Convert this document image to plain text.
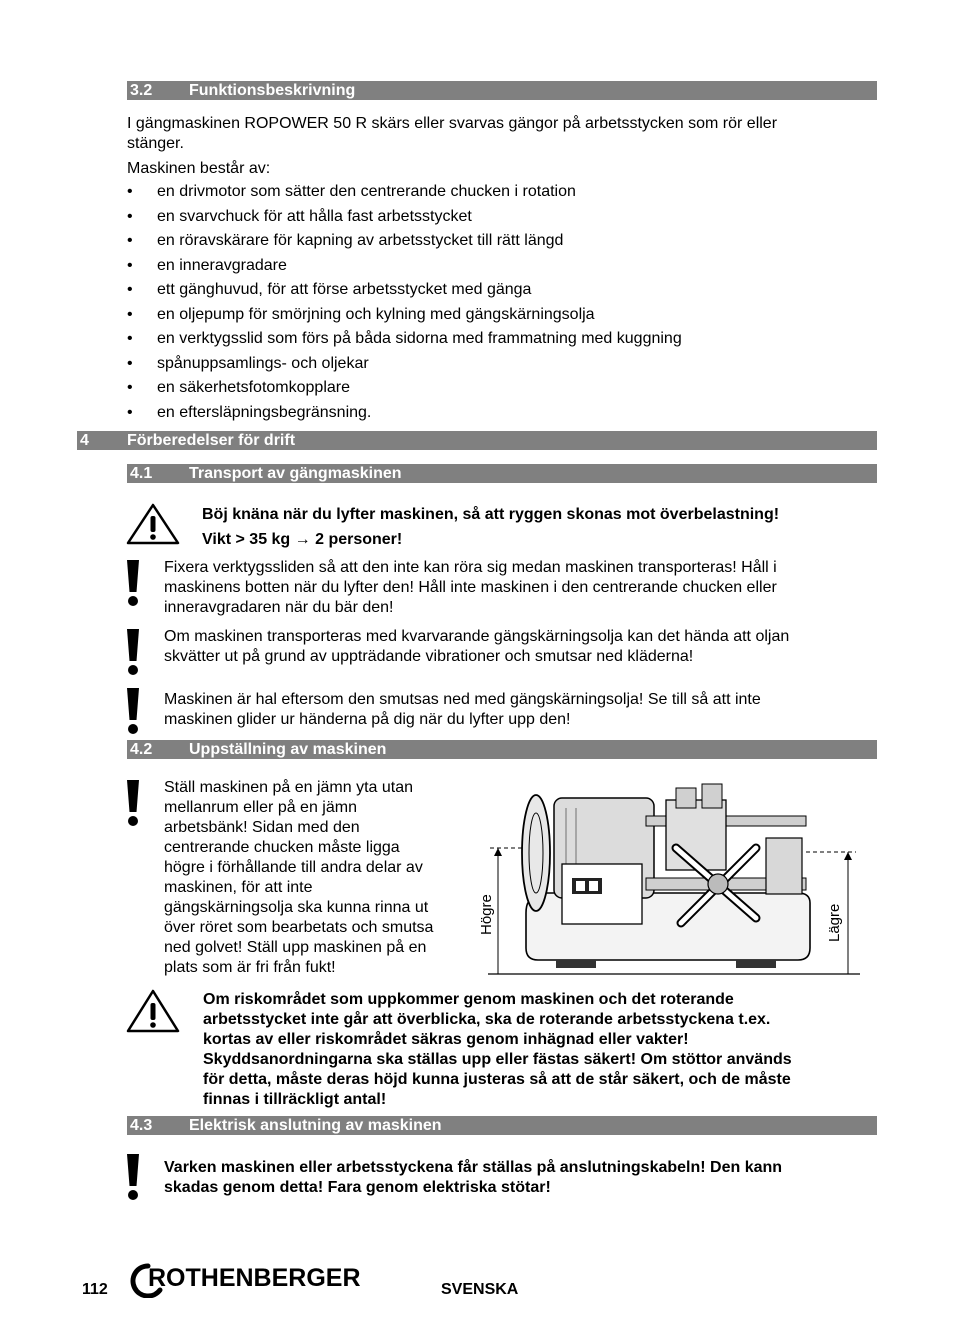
3.2 Funktionsbeskrivning
I gängmaskinen ROPOWER 50 R skärs eller svarvas gängor på arbetsstycken som rör eller
stänger.
Maskinen består av:
• en drivmotor som sätter den centrerande chucken i rotation
• en svarvchuck för att hålla fast arbetsstycket
• en röravskärare för kapning av arbetsstycket till rätt längd
• en inneravgradare
• ett gänghuvud, för att förse arbetsstycket med gänga
• en oljepump för smörjning och kylning med gängskärningsolja
• en verktygsslid som förs på båda sidorna med frammatning med kuggning
• spånuppsamlings- och oljekar
• en säkerhetsfotomkopplare
• en eftersläpningsbegränsning.
4 Förberedelser för drift
4.1 Transport av gängmaskinen
Böj knäna när du lyfter maskinen, så att ryggen skonas mot överbelastning!
Vikt > 35 kg → 2 personer!
Fixera verktygssliden så att den inte kan röra sig medan maskinen transporteras! Håll i
maskinens botten när du lyfter den! Håll inte maskinen i den centrerande chucken eller
inneravgradaren när du bär den!
Om maskinen transporteras med kvarvarande gängskärningsolja kan det hända att oljan
skvätter ut på grund av uppträdande vibrationer och smutsar ned kläderna!
Maskinen är hal eftersom den smutsas ned med gängskärningsolja! Se till så att inte
maskinen glider ur händerna på dig när du lyfter upp den!
4.2 Uppställning av maskinen
Ställ maskinen på en jämn yta utan
mellanrum eller på en jämn
arbetsbänk! Sidan med den
centrerande chucken måste ligga
högre i förhållande till andra delar av
maskinen, för att inte
gängskärningsolja ska kunna rinna ut
över röret som bearbetats och smutsa
ned golvet! Ställ upp maskinen på en
plats som är fri från fukt!
Högre	Lägre
Om riskområdet som uppkommer genom maskinen och det roterande
arbetsstycket inte går att överblicka, ska de roterande arbetsstyckena t.ex.
kortas av eller riskområdet säkras genom inhägnad eller vakter!
Skyddsanordningarna ska ställas upp eller fästas säkert! Om stöttor används
för detta, måste deras höjd kunna justeras så att de står säkert, och de måste
finnas i tillräckligt antal!
4.3 Elektrisk anslutning av maskinen
Varken maskinen eller arbetsstyckena får ställas på anslutningskabeln! Den kann
skadas genom detta! Fara genom elektriska stötar!
112 ROTHENBERGER	SVENSKA
